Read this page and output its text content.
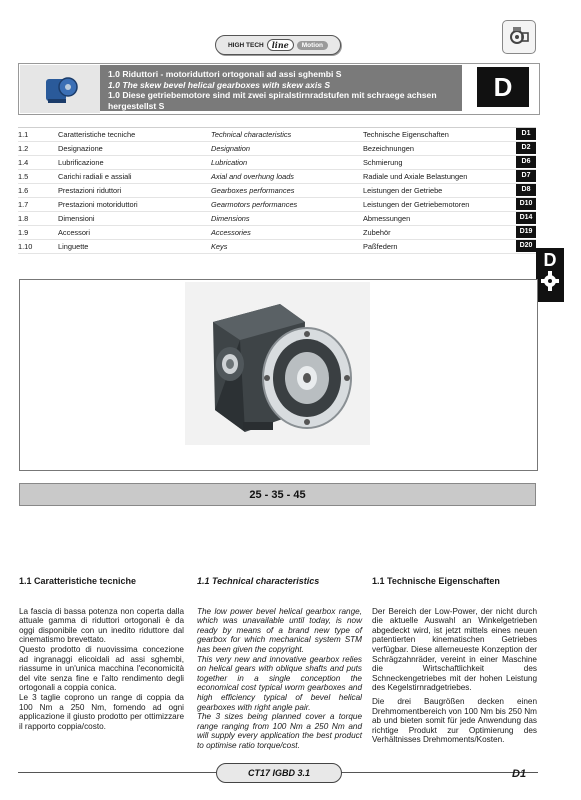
HIGH TECH	line	Motion
1.0 Riduttori - motoriduttori ortogonali ad assi sghembi S
1.0 The skew bevel helical gearboxes with skew axis S
1.0 Diese getriebemotore sind mit zwei spiralstirnradstufen mit schraege achsen hergestellst S
D
1.1	Caratteristiche tecniche	Technical characteristics	Technische Eigenschaften	D1
1.2	Designazione	Designation	Bezeichnungen	D2
1.4	Lubrificazione	Lubrication	Schmierung	D6
1.5	Carichi radiali e assiali	Axial and overhung loads	Radiale und Axiale Belastungen	D7
1.6	Prestazioni riduttori	Gearboxes performances	Leistungen der Getriebe	D8
1.7	Prestazioni motoriduttori	Gearmotors performances	Leistungen der Getriebemotoren	D10
1.8	Dimensioni	Dimensions	Abmessungen	D14
1.9	Accessori	Accessories	Zubehör	D19
1.10	Linguette	Keys	Paßfedern	D20
D
25 - 35 - 45
1.1 Caratteristiche tecniche

La fascia di bassa potenza non coperta dalla attuale gamma di riduttori ortogonali è da oggi disponibile con un inedito riduttore dal cinematismo brevettato.

Questo prodotto di nuovissima concezione ad ingranaggi elicoidali ad assi sghembi, riassume in un'unica macchina l'economicità del vite senza fine e l'alto rendimento degli ortogonali a coppia conica.

Le 3 taglie coprono un range di coppia da 100 Nm a 250 Nm, fornendo ad ogni applicazione il giusto prodotto per ottimizzare il rapporto coppia/costo.

1.1 Technical characteristics

The low power bevel helical gearbox range, which was unavailable until today, is now ready by means of a brand new type of gearbox for which mechanical system STM has been given the copyright.

This very new and innovative gearbox relies on helical gears with oblique shafts and puts together in a single conception the economical cost typical worm gearboxes and high efficiency typical of bevel helical gearboxes with right angle pair.

The 3 sizes being planned cover a torque range ranging from 100 Nm a 250 Nm and will supply every application the best product to optimise ratio torque/cost.

1.1 Technische Eigenschaften

Der Bereich der Low-Power, der nicht durch die aktuelle Auswahl an Winkelgetrieben abgedeckt wird, ist jetzt mittels eines neuen patentierten kinematischen Getriebes verfügbar. Diese allerneueste Konzeption der Schrägzahnräder, vereint in einer Maschine die Wirtschaftlichkeit des Schneckengetriebes mit der hohen Leistung des Kegelstirnradgetriebes.

Die drei Baugrößen decken einen Drehmomentbereich von 100 Nm bis 250 Nm ab und bieten somit für jede Anwendung das richtige Produkt zur Optimierung des Verhältnisses Drehmoments/Kosten.

CT17 IGBD 3.1	D1
